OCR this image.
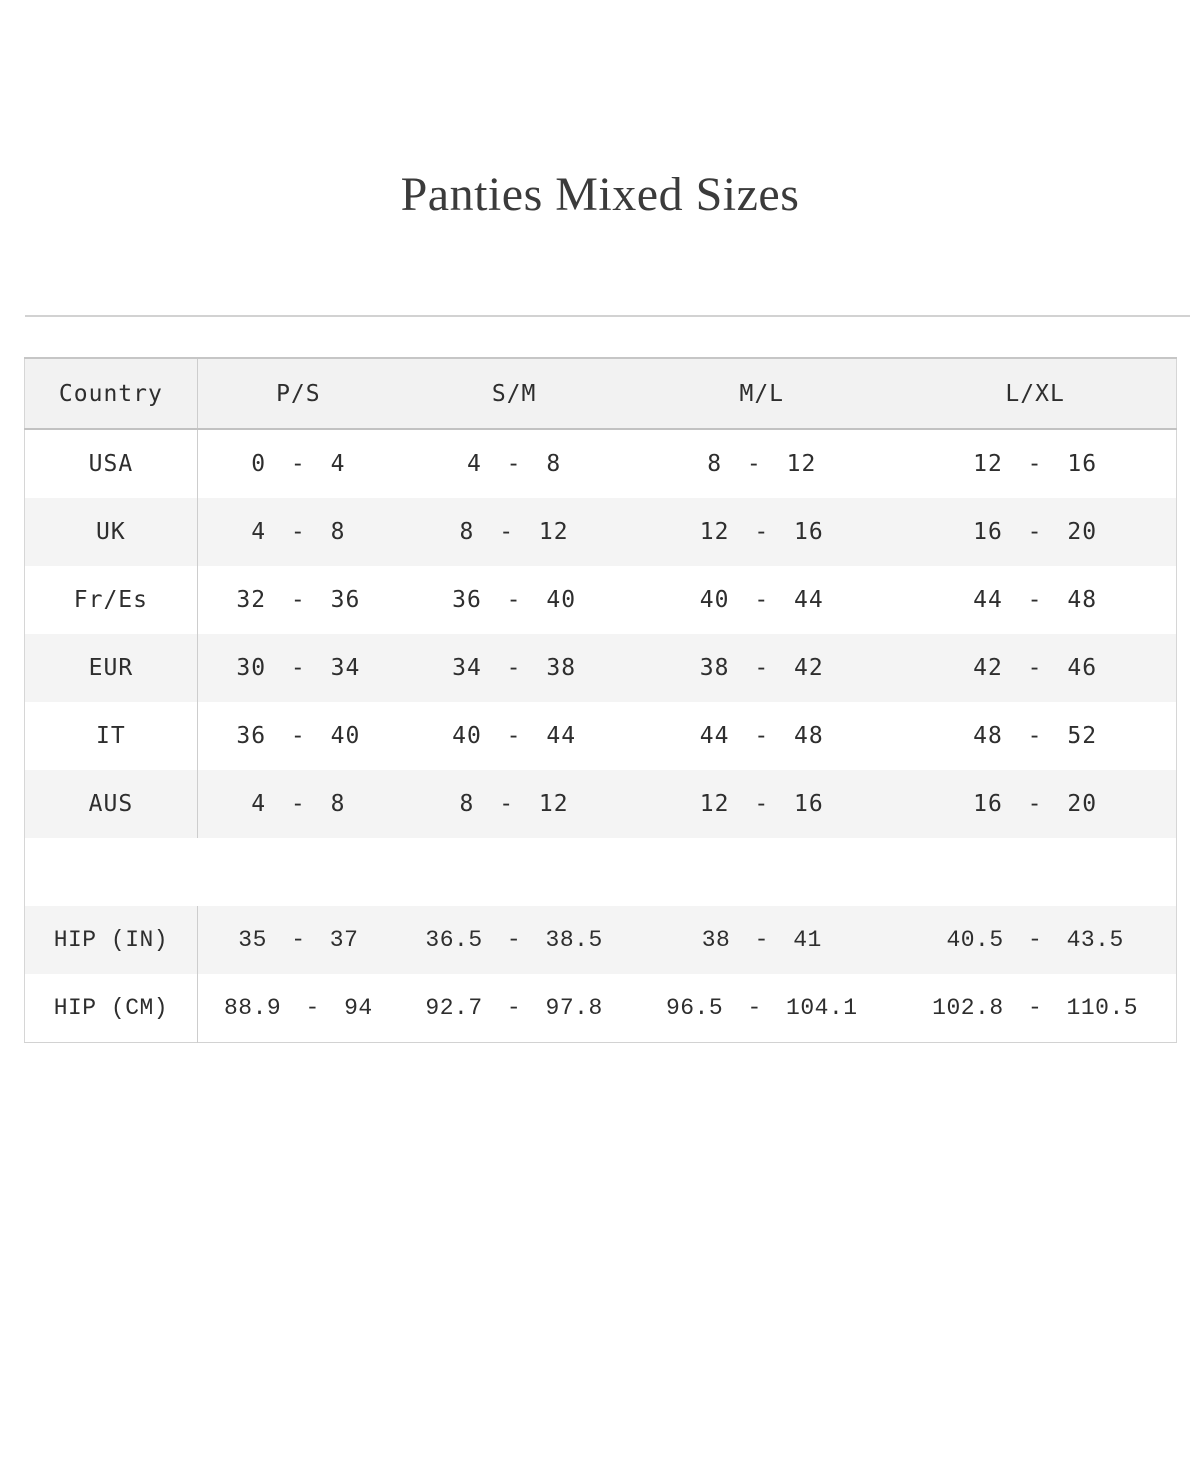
Panties Mixed Sizes
Country	P/S	S/M	M/L	L/XL
USA	0 - 4	4 - 8	8 - 12	12 - 16
UK	4 - 8	8 - 12	12 - 16	16 - 20
Fr/Es	32 - 36	36 - 40	40 - 44	44 - 48
EUR	30 - 34	34 - 38	38 - 42	42 - 46
IT	36 - 40	40 - 44	44 - 48	48 - 52
AUS	4 - 8	8 - 12	12 - 16	16 - 20

HIP (IN)	35 - 37	36.5 - 38.5	38 - 41	40.5 - 43.5
HIP (CM)	88.9 - 94	92.7 - 97.8	96.5 - 104.1	102.8 - 110.5
